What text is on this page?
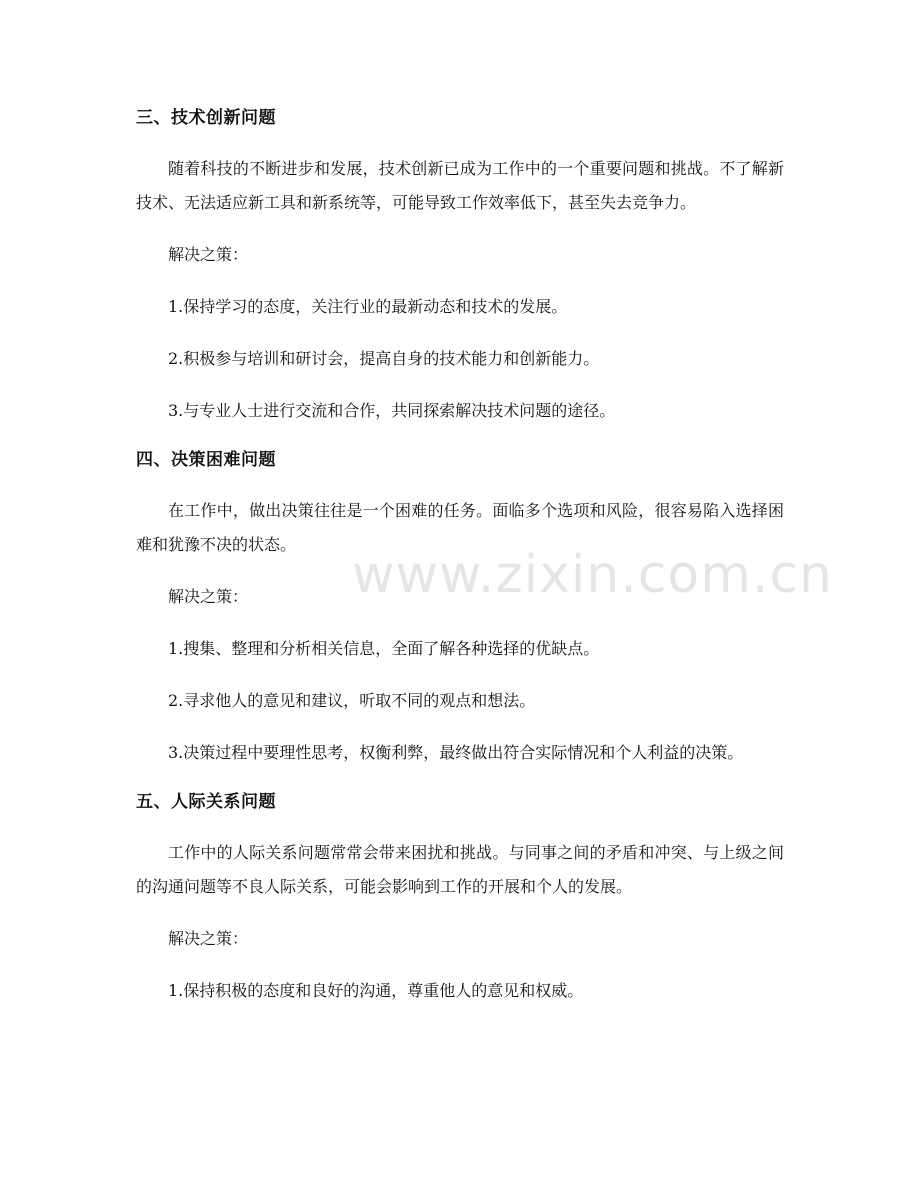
三、技术创新问题

随着科技的不断进步和发展，技术创新已成为工作中的一个重要问题和挑战。不了解新技术、无法适应新工具和新系统等，可能导致工作效率低下，甚至失去竞争力。

解决之策：

1.保持学习的态度，关注行业的最新动态和技术的发展。

2.积极参与培训和研讨会，提高自身的技术能力和创新能力。

3.与专业人士进行交流和合作，共同探索解决技术问题的途径。

四、决策困难问题

在工作中，做出决策往往是一个困难的任务。面临多个选项和风险，很容易陷入选择困难和犹豫不决的状态。

解决之策：

1.搜集、整理和分析相关信息，全面了解各种选择的优缺点。

2.寻求他人的意见和建议，听取不同的观点和想法。

3.决策过程中要理性思考，权衡利弊，最终做出符合实际情况和个人利益的决策。

五、人际关系问题

工作中的人际关系问题常常会带来困扰和挑战。与同事之间的矛盾和冲突、与上级之间的沟通问题等不良人际关系，可能会影响到工作的开展和个人的发展。

解决之策：

1.保持积极的态度和良好的沟通，尊重他人的意见和权威。

www.zixin.com.cn
